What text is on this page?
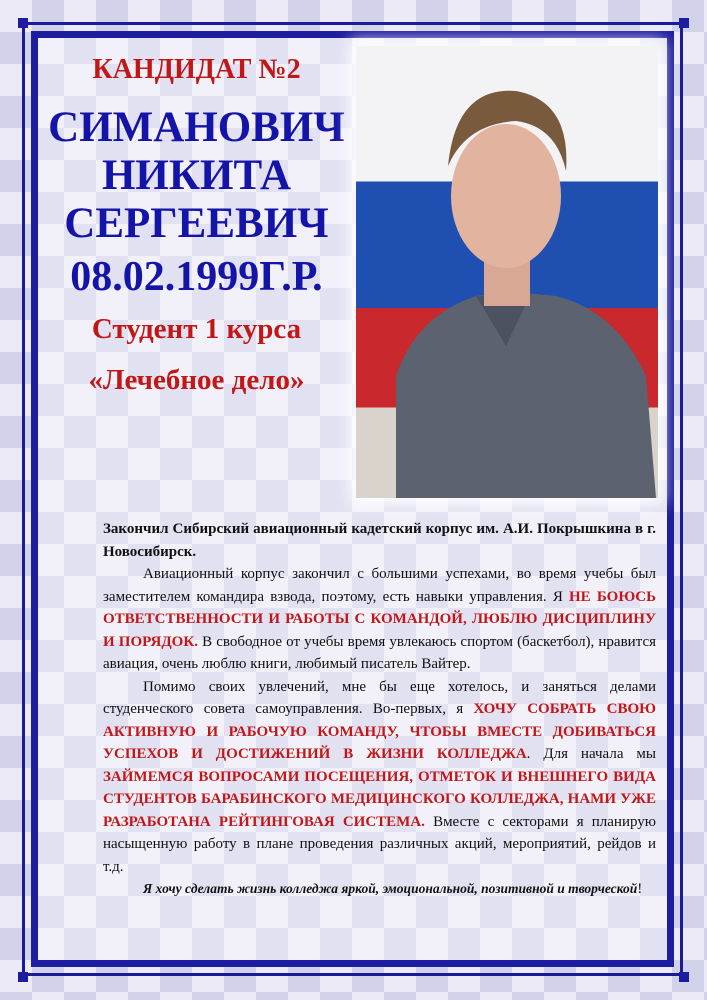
КАНДИДАТ №2
СИМАНОВИЧ
НИКИТА
СЕРГЕЕВИЧ
08.02.1999Г.Р.
Студент 1 курса
«Лечебное дело»

Закончил Сибирский авиационный кадетский корпус им. А.И. Покрышкина в г. Новосибирск.

Авиационный корпус закончил с большими успехами, во время учебы был заместителем командира взвода, поэтому, есть навыки управления. Я НЕ БОЮСЬ ОТВЕТСТВЕННОСТИ И РАБОТЫ С КОМАНДОЙ, ЛЮБЛЮ ДИСЦИПЛИНУ И ПОРЯДОК. В свободное от учебы время увлекаюсь спортом (баскетбол), нравится авиация, очень люблю книги, любимый писатель Вайтер.

Помимо своих увлечений, мне бы еще хотелось, и заняться делами студенческого совета самоуправления. Во-первых, я ХОЧУ СОБРАТЬ СВОЮ АКТИВНУЮ И РАБОЧУЮ КОМАНДУ, ЧТОБЫ ВМЕСТЕ ДОБИВАТЬСЯ УСПЕХОВ И ДОСТИЖЕНИЙ В ЖИЗНИ КОЛЛЕДЖА. Для начала мы ЗАЙМЕМСЯ ВОПРОСАМИ ПОСЕЩЕНИЯ, ОТМЕТОК И ВНЕШНЕГО ВИДА СТУДЕНТОВ БАРАБИНСКОГО МЕДИЦИНСКОГО КОЛЛЕДЖА, НАМИ УЖЕ РАЗРАБОТАНА РЕЙТИНГОВАЯ СИСТЕМА. Вместе с секторами я планирую насыщенную работу в плане проведения различных акций, мероприятий, рейдов и т.д.

Я хочу сделать жизнь колледжа яркой, эмоциональной, позитивной и творческой!
